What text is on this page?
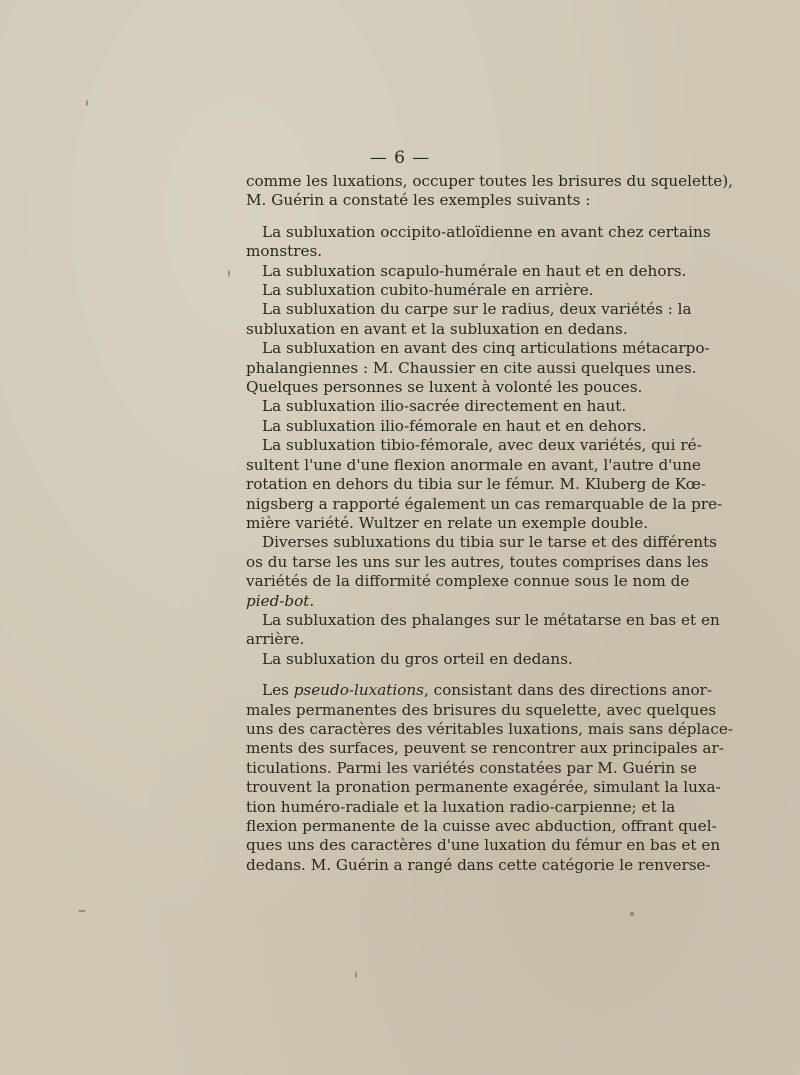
— 6 —
comme les luxations, occuper toutes les brisures du squelette),
M. Guérin a constaté les exemples suivants :
La subluxation occipito-atloïdienne en avant chez certains
monstres.
La subluxation scapulo-humérale en haut et en dehors.
La subluxation cubito-humérale en arrière.
La subluxation du carpe sur le radius, deux variétés : la
subluxation en avant et la subluxation en dedans.
La subluxation en avant des cinq articulations métacarpo-
phalangiennes : M. Chaussier en cite aussi quelques unes.
Quelques personnes se luxent à volonté les pouces.
La subluxation ilio-sacrée directement en haut.
La subluxation ilio-fémorale en haut et en dehors.
La subluxation tibio-fémorale, avec deux variétés, qui ré-
sultent l'une d'une flexion anormale en avant, l'autre d'une
rotation en dehors du tibia sur le fémur. M. Kluberg de Kœ-
nigsberg a rapporté également un cas remarquable de la pre-
mière variété. Wultzer en relate un exemple double.
Diverses subluxations du tibia sur le tarse et des différents
os du tarse les uns sur les autres, toutes comprises dans les
variétés de la difformité complexe connue sous le nom de
pied-bot.
La subluxation des phalanges sur le métatarse en bas et en
arrière.
La subluxation du gros orteil en dedans.
Les pseudo-luxations, consistant dans des directions anor-
males permanentes des brisures du squelette, avec quelques
uns des caractères des véritables luxations, mais sans déplace-
ments des surfaces, peuvent se rencontrer aux principales ar-
ticulations. Parmi les variétés constatées par M. Guérin se
trouvent la pronation permanente exagérée, simulant la luxa-
tion huméro-radiale et la luxation radio-carpienne; et la
flexion permanente de la cuisse avec abduction, offrant quel-
ques uns des caractères d'une luxation du fémur en bas et en
dedans. M. Guérin a rangé dans cette catégorie le renverse-
